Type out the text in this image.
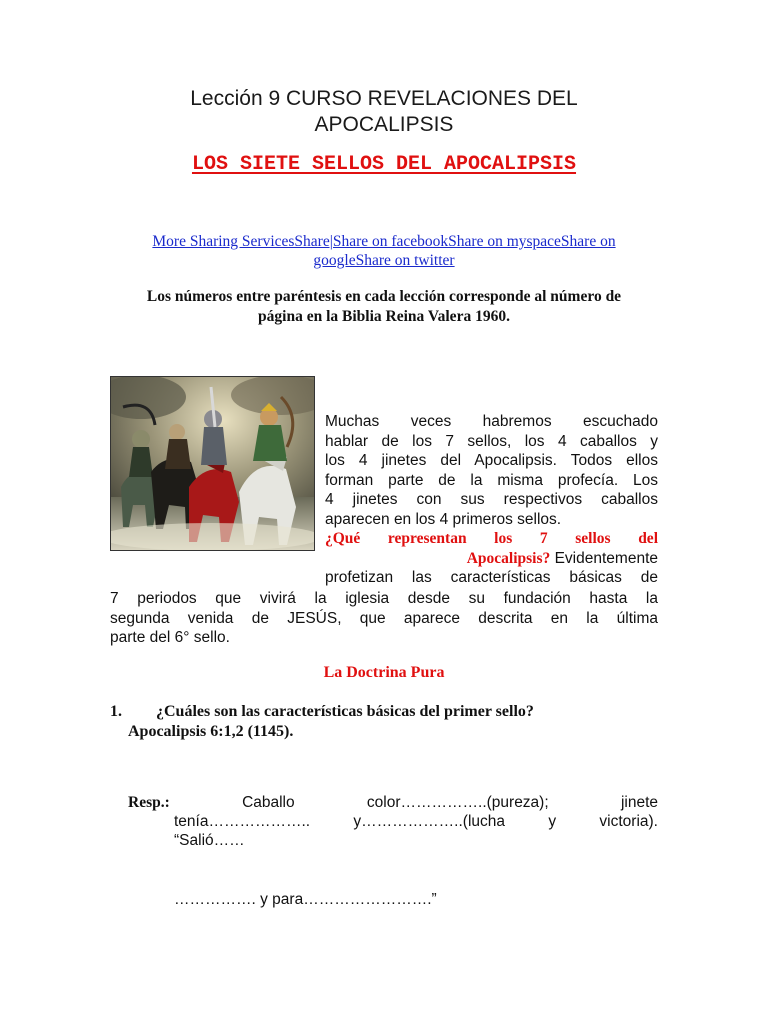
Lección 9 CURSO REVELACIONES DEL
APOCALIPSIS
LOS SIETE SELLOS DEL APOCALIPSIS
More Sharing ServicesShare|Share on facebookShare on myspaceShare on
googleShare on twitter
Los números entre paréntesis en cada lección corresponde al número de
página en la Biblia Reina Valera 1960.
Muchas veces habremos escuchado
hablar de los 7 sellos, los 4 caballos y
los 4 jinetes del Apocalipsis. Todos ellos
forman parte de la misma profecía. Los
4 jinetes con sus respectivos caballos
aparecen en los 4 primeros sellos.
¿Qué representan los 7 sellos del
Apocalipsis? Evidentemente
profetizan las características básicas de
7 periodos que vivirá la iglesia desde su fundación hasta la
segunda venida de JESÚS, que aparece descrita en la última
parte del 6° sello.
La Doctrina Pura
1. ¿Cuáles son las características básicas del primer sello?
Apocalipsis 6:1,2 (1145).
Resp.:	Caballo color……………..(pureza); jinete
tenía……………….. y………………..(lucha y victoria).
“Salió……
……………. y para…………………….”
